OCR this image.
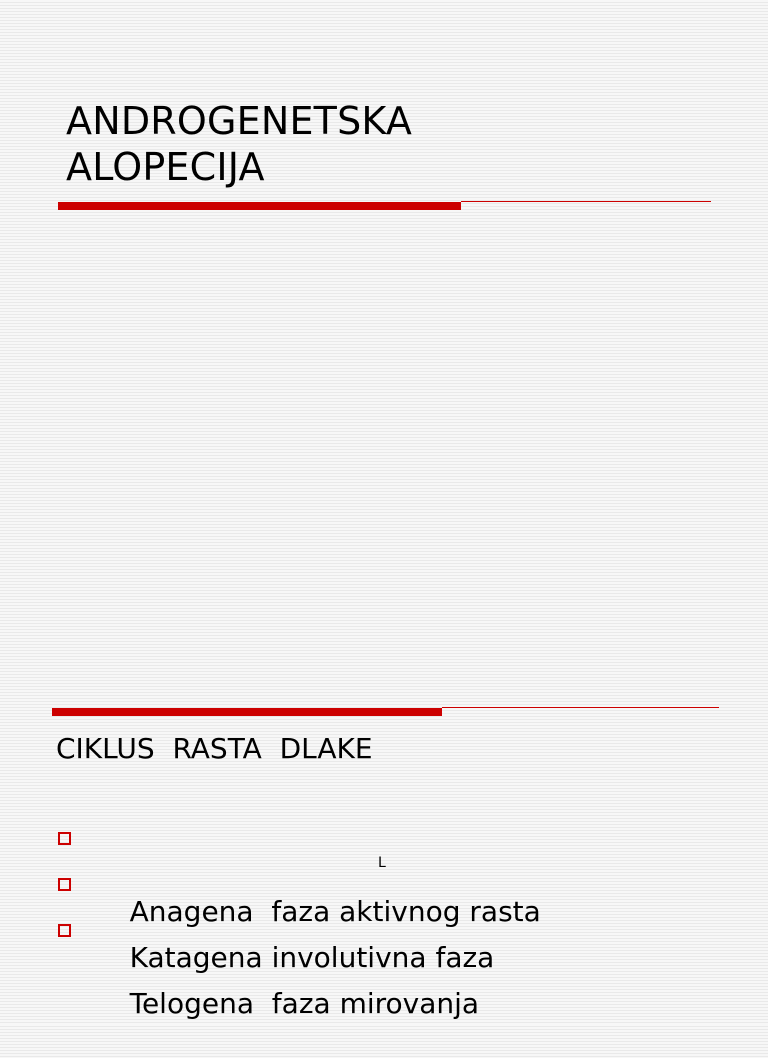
ANDROGENETSKA
ALOPECIJA
CIKLUS  RASTA  DLAKE

Anagena  faza aktivnog rasta

Katagena involutivna faza

Telogena  faza mirovanja

L
